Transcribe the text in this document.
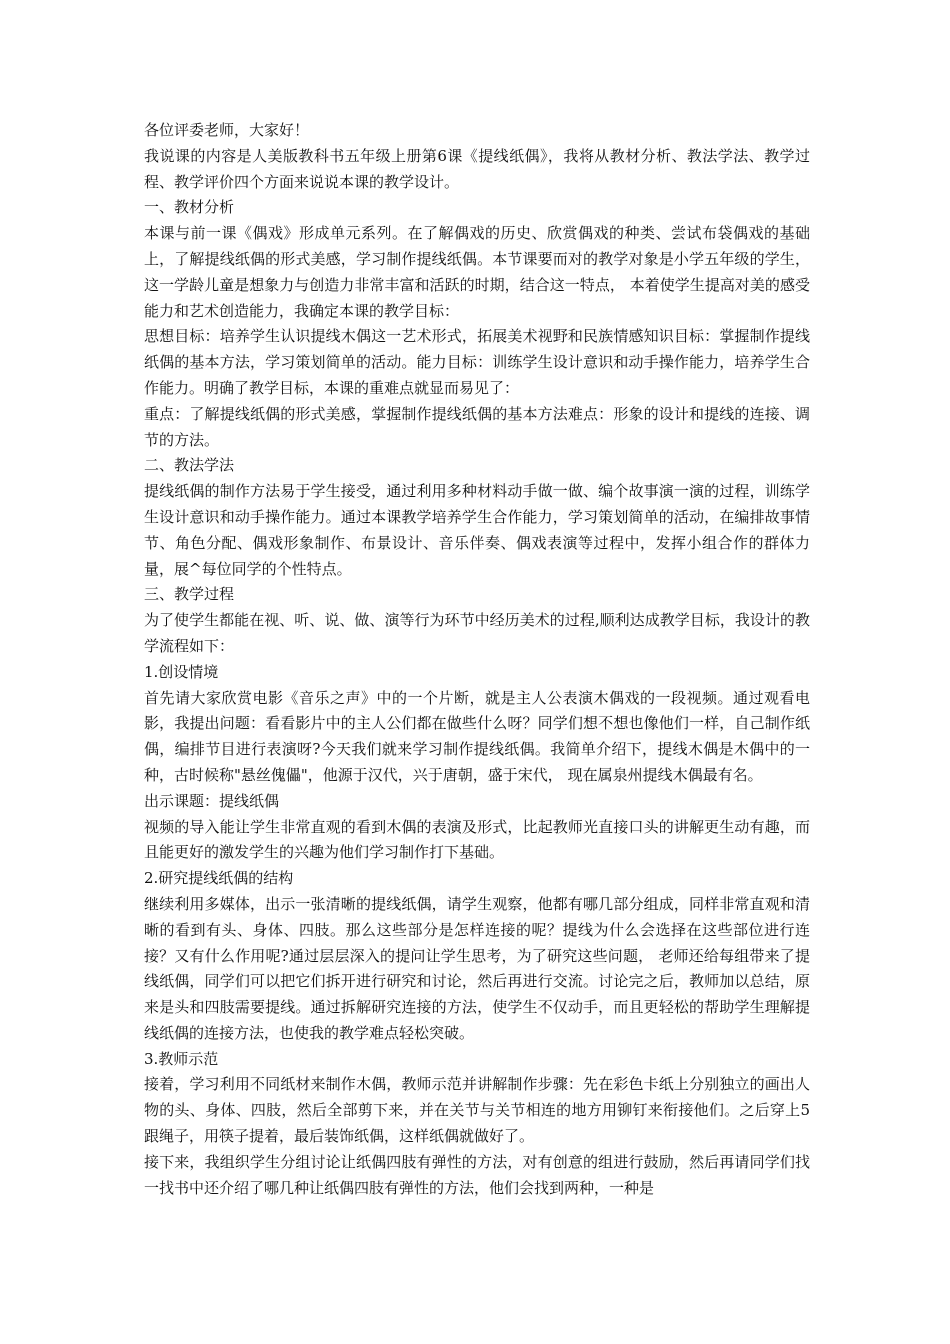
各位评委老师，大家好！

我说课的内容是人美版教科书五年级上册第6课《提线纸偶》，我将从教材分析、教法学法、教学过程、教学评价四个方面来说说本课的教学设计。

一、教材分析

本课与前一课《偶戏》形成单元系列。在了解偶戏的历史、欣赏偶戏的种类、尝试布袋偶戏的基础上，了解提线纸偶的形式美感，学习制作提线纸偶。本节课要而对的教学对象是小学五年级的学生，这一学龄儿童是想象力与创造力非常丰富和活跃的时期，结合这一特点， 本着使学生提高对美的感受能力和艺术创造能力，我确定本课的教学目标：

思想目标：培养学生认识提线木偶这一艺术形式，拓展美术视野和民族情感知识目标：掌握制作提线纸偶的基本方法，学习策划简单的活动。能力目标：训练学生设计意识和动手操作能力，培养学生合作能力。明确了教学目标，本课的重难点就显而易见了：

重点：了解提线纸偶的形式美感，掌握制作提线纸偶的基本方法难点：形象的设计和提线的连接、调节的方法。

二、教法学法

提线纸偶的制作方法易于学生接受，通过利用多种材料动手做一做、编个故事演一演的过程，训练学生设计意识和动手操作能力。通过本课教学培养学生合作能力，学习策划简单的活动，在编排故事情节、角色分配、偶戏形象制作、布景设计、音乐伴奏、偶戏表演等过程中，发挥小组合作的群体力量，展^每位同学的个性特点。

三、教学过程

为了使学生都能在视、听、说、做、演等行为环节中经历美术的过程,顺利达成教学目标，我设计的教学流程如下：

1.创设情境

首先请大家欣赏电影《音乐之声》中的一个片断，就是主人公表演木偶戏的一段视频。通过观看电影，我提出问题：看看影片中的主人公们都在做些什么呀？同学们想不想也像他们一样，自己制作纸偶，编排节目进行表演呀?今天我们就来学习制作提线纸偶。我简单介绍下，提线木偶是木偶中的一种，古时候称"悬丝傀儡"，他源于汉代，兴于唐朝，盛于宋代， 现在属泉州提线木偶最有名。

出示课题：提线纸偶

视频的导入能让学生非常直观的看到木偶的表演及形式，比起教师光直接口头的讲解更生动有趣，而且能更好的激发学生的兴趣为他们学习制作打下基础。

2.研究提线纸偶的结构

继续利用多媒体，出示一张清晰的提线纸偶，请学生观察，他都有哪几部分组成，同样非常直观和清晰的看到有头、身体、四肢。那么这些部分是怎样连接的呢？提线为什么会选择在这些部位进行连接？又有什么作用呢?通过层层深入的提问让学生思考，为了研究这些问题， 老师还给每组带来了提线纸偶，同学们可以把它们拆开进行研究和讨论，然后再进行交流。讨论完之后，教师加以总结，原来是头和四肢需要提线。通过拆解研究连接的方法，使学生不仅动手，而且更轻松的帮助学生理解提线纸偶的连接方法，也使我的教学难点轻松突破。

3.教师示范

接着，学习利用不同纸材来制作木偶，教师示范并讲解制作步骤：先在彩色卡纸上分别独立的画出人物的头、身体、四肢，然后全部剪下来，并在关节与关节相连的地方用铆钉来衔接他们。之后穿上5跟绳子，用筷子提着，最后装饰纸偶，这样纸偶就做好了。

接下来，我组织学生分组讨论让纸偶四肢有弹性的方法，对有创意的组进行鼓励，然后再请同学们找一找书中还介绍了哪几种让纸偶四肢有弹性的方法，他们会找到两种，一种是
